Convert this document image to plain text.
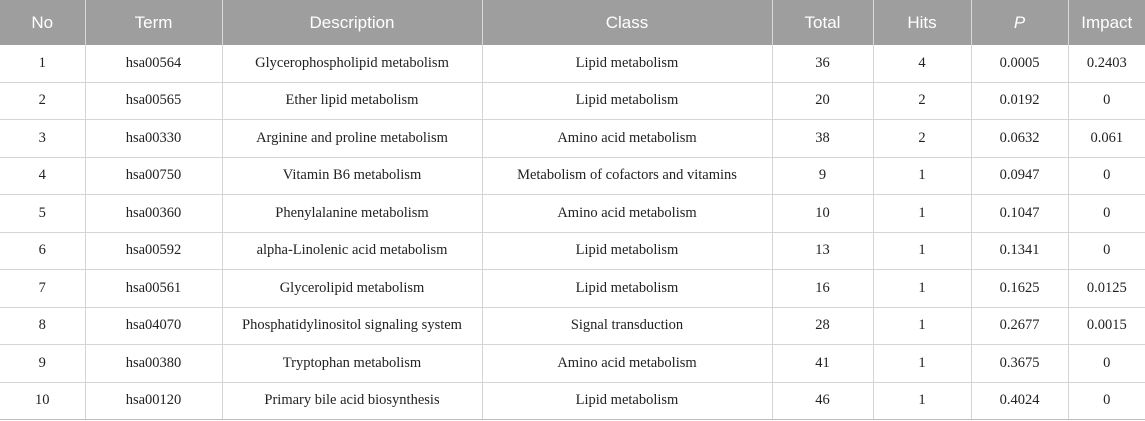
No	Term	Description	Class	Total	Hits	P	Impact
1	hsa00564	Glycerophospholipid metabolism	Lipid metabolism	36	4	0.0005	0.2403
2	hsa00565	Ether lipid metabolism	Lipid metabolism	20	2	0.0192	0
3	hsa00330	Arginine and proline metabolism	Amino acid metabolism	38	2	0.0632	0.061
4	hsa00750	Vitamin B6 metabolism	Metabolism of cofactors and vitamins	9	1	0.0947	0
5	hsa00360	Phenylalanine metabolism	Amino acid metabolism	10	1	0.1047	0
6	hsa00592	alpha-Linolenic acid metabolism	Lipid metabolism	13	1	0.1341	0
7	hsa00561	Glycerolipid metabolism	Lipid metabolism	16	1	0.1625	0.0125
8	hsa04070	Phosphatidylinositol signaling system	Signal transduction	28	1	0.2677	0.0015
9	hsa00380	Tryptophan metabolism	Amino acid metabolism	41	1	0.3675	0
10	hsa00120	Primary bile acid biosynthesis	Lipid metabolism	46	1	0.4024	0
